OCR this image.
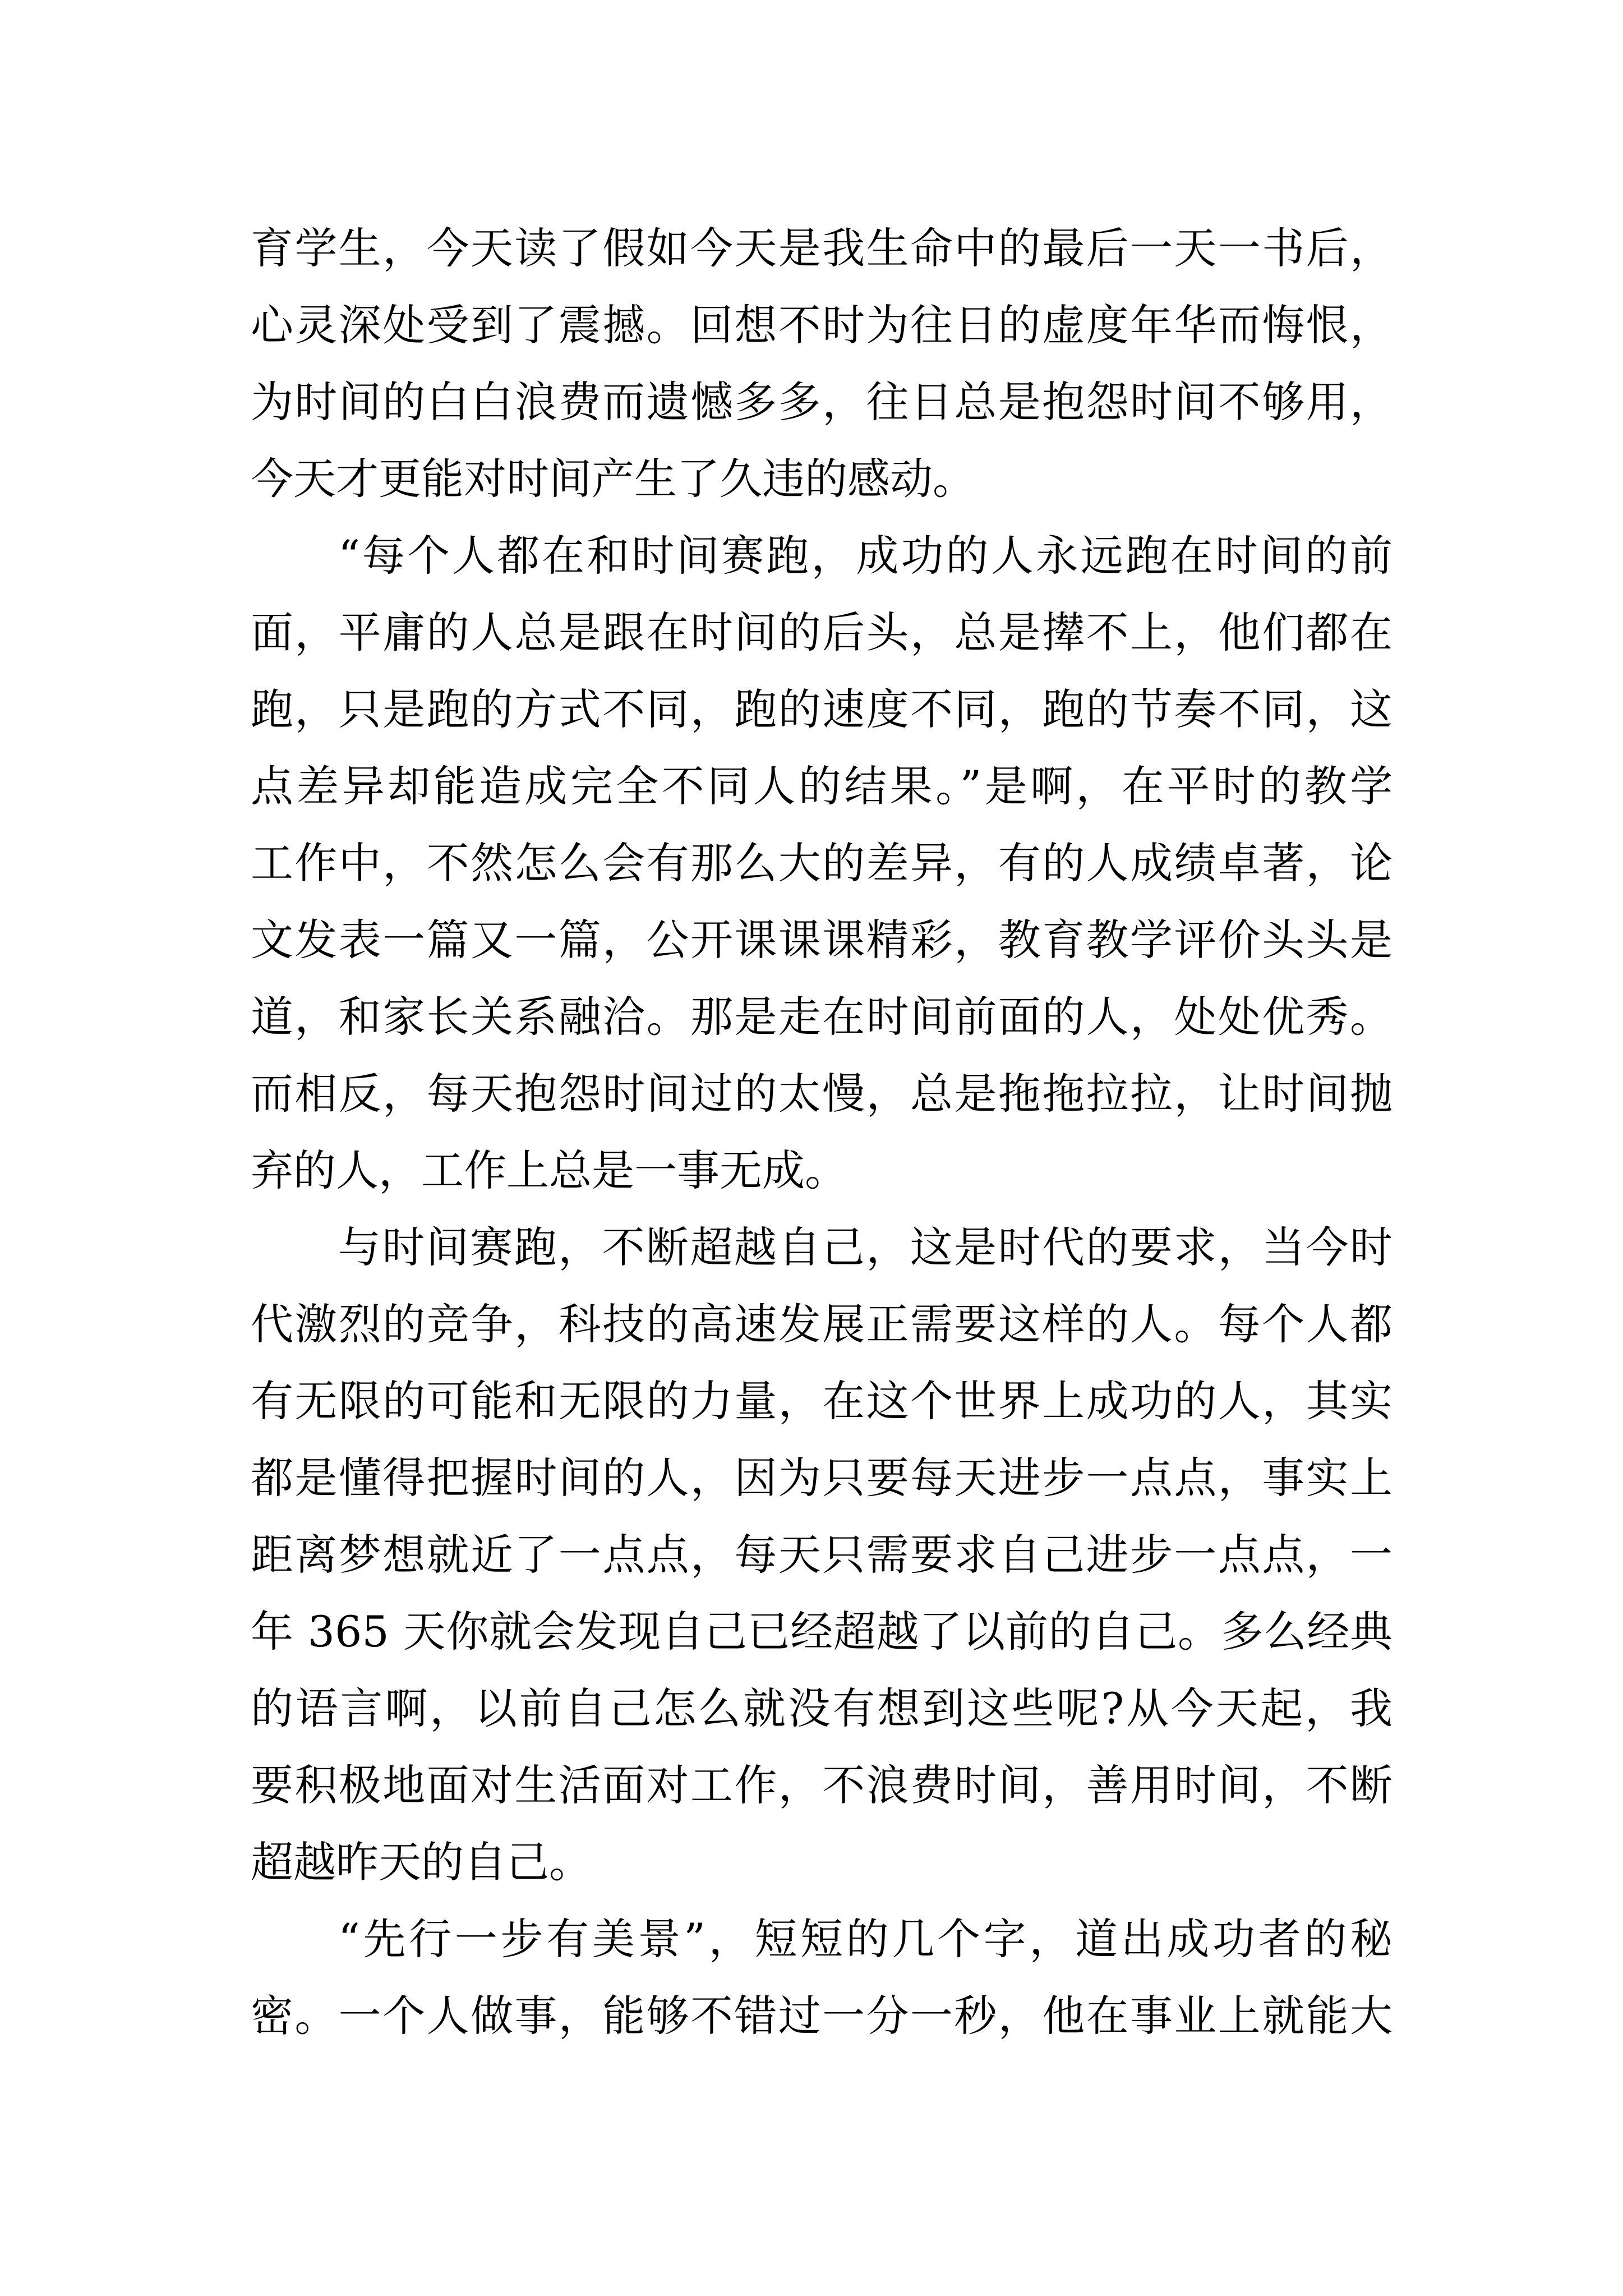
育学生，今天读了假如今天是我生命中的最后一天一书后，
心灵深处受到了震撼。回想不时为往日的虚度年华而悔恨，
为时间的白白浪费而遗憾多多，往日总是抱怨时间不够用，
今天才更能对时间产生了久违的感动。
“每个人都在和时间赛跑，成功的人永远跑在时间的前
面，平庸的人总是跟在时间的后头，总是撵不上，他们都在
跑，只是跑的方式不同，跑的速度不同，跑的节奏不同，这
点差异却能造成完全不同人的结果。”是啊，在平时的教学
工作中，不然怎么会有那么大的差异，有的人成绩卓著，论
文发表一篇又一篇，公开课课课精彩，教育教学评价头头是
道，和家长关系融洽。那是走在时间前面的人，处处优秀。
而相反，每天抱怨时间过的太慢，总是拖拖拉拉，让时间抛
弃的人，工作上总是一事无成。
与时间赛跑，不断超越自己，这是时代的要求，当今时
代激烈的竞争，科技的高速发展正需要这样的人。每个人都
有无限的可能和无限的力量，在这个世界上成功的人，其实
都是懂得把握时间的人，因为只要每天进步一点点，事实上
距离梦想就近了一点点，每天只需要求自己进步一点点，一
年 365 天你就会发现自己已经超越了以前的自己。多么经典
的语言啊，以前自己怎么就没有想到这些呢?从今天起，我
要积极地面对生活面对工作，不浪费时间，善用时间，不断
超越昨天的自己。
“先行一步有美景”，短短的几个字，道出成功者的秘
密。一个人做事，能够不错过一分一秒，他在事业上就能大
